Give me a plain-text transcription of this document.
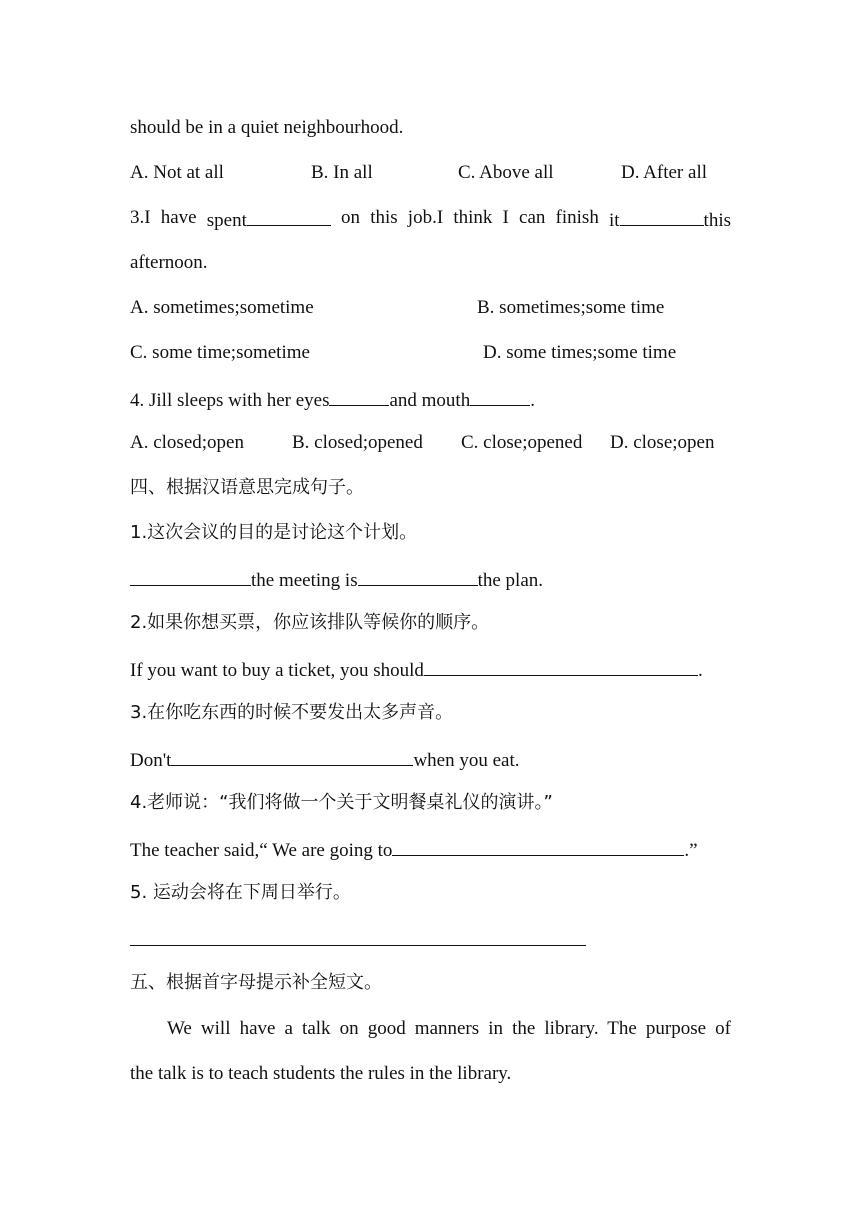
should be in a quiet neighbourhood.
A. Not at all	B. In all	C. Above all	D. After all
3.I have spent	on this job.I think I can finish it	this
afternoon.
A. sometimes;sometime	B. sometimes;some time
C. some time;sometime	D. some times;some time
4. Jill sleeps with her eyes	and mouth	.
A. closed;open	B. closed;opened C. close;opened D. close;open
四、根据汉语意思完成句子。
1.这次会议的目的是讨论这个计划。
the meeting is	the plan.
2.如果你想买票，你应该排队等候你的顺序。
If you want to buy a ticket, you should	.
3.在你吃东西的时候不要发出太多声音。
Don't	when you eat.
4.老师说：“我们将做一个关于文明餐桌礼仪的演讲。”
The teacher said,“ We are going to	.”
5. 运动会将在下周日举行。
五、根据首字母提示补全短文。
We will have a talk on good manners in the library. The purpose of
the talk is to teach students the rules in the library.
